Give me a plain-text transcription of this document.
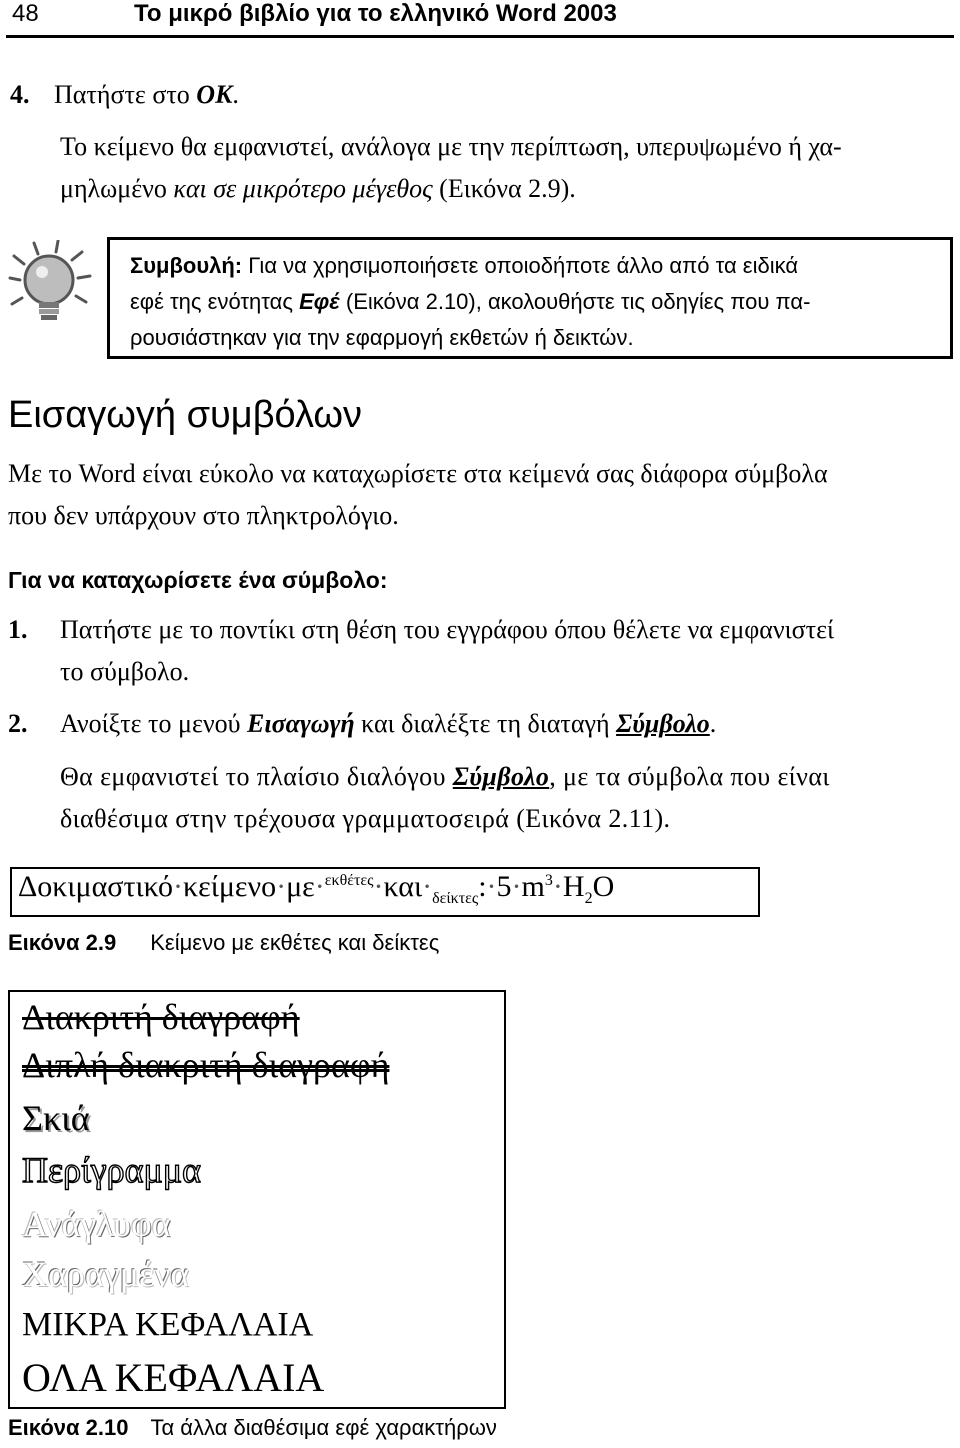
48	Το μικρό βιβλίο για το ελληνικό Word 2003
4. Πατήστε στο ΟΚ.
Το κείμενο θα εμφανιστεί, ανάλογα με την περίπτωση, υπερυψωμένο ή χα-
μηλωμένο και σε μικρότερο μέγεθος (Εικόνα 2.9).
Συμβουλή: Για να χρησιμοποιήσετε οποιοδήποτε άλλο από τα ειδικά
εφέ της ενότητας Εφέ (Εικόνα 2.10), ακολουθήστε τις οδηγίες που πα-
ρουσιάστηκαν για την εφαρμογή εκθετών ή δεικτών.
Εισαγωγή συμβόλων
Με το Word είναι εύκολο να καταχωρίσετε στα κείμενά σας διάφορα σύμβολα
που δεν υπάρχουν στο πληκτρολόγιο.
Για να καταχωρίσετε ένα σύμβολο:
1. Πατήστε με το ποντίκι στη θέση του εγγράφου όπου θέλετε να εμφανιστεί
το σύμβολο.
2. Ανοίξτε το μενού Εισαγωγή και διαλέξτε τη διαταγή Σύμβολο.
Θα εμφανιστεί το πλαίσιο διαλόγου Σύμβολο, με τα σύμβολα που είναι
διαθέσιμα στην τρέχουσα γραμματοσειρά (Εικόνα 2.11).
$\Delta o\kappa\iota\mu\alpha\sigma\tau\iota\kappa ό\cdot\kappa\varepsilon ί\mu\varepsilon\nu o\cdot\mu\varepsilon\cdot^{\varepsilon\kappa\theta έ\tau\varepsilon\varsigma}\cdot\kappa\alpha\iota\cdot_{\delta\varepsilon ί\kappa\tau\varepsilon\varsigma}:\cdot 5\cdot m^3\cdot H_2O$
Εικόνα 2.9 Κείμενο με εκθέτες και δείκτες
Διακριτή διαγραφή
Διπλή διακριτή διαγραφή
Σκιά
Περίγραμμα
Ανάγλυφα
Χαραγμένα
ΜΙΚΡΑ ΚΕΦΑΛΑΙΑ
ΟΛΑ ΚΕΦΑΛΑΙΑ
Εικόνα 2.10 Τα άλλα διαθέσιμα εφέ χαρακτήρων
